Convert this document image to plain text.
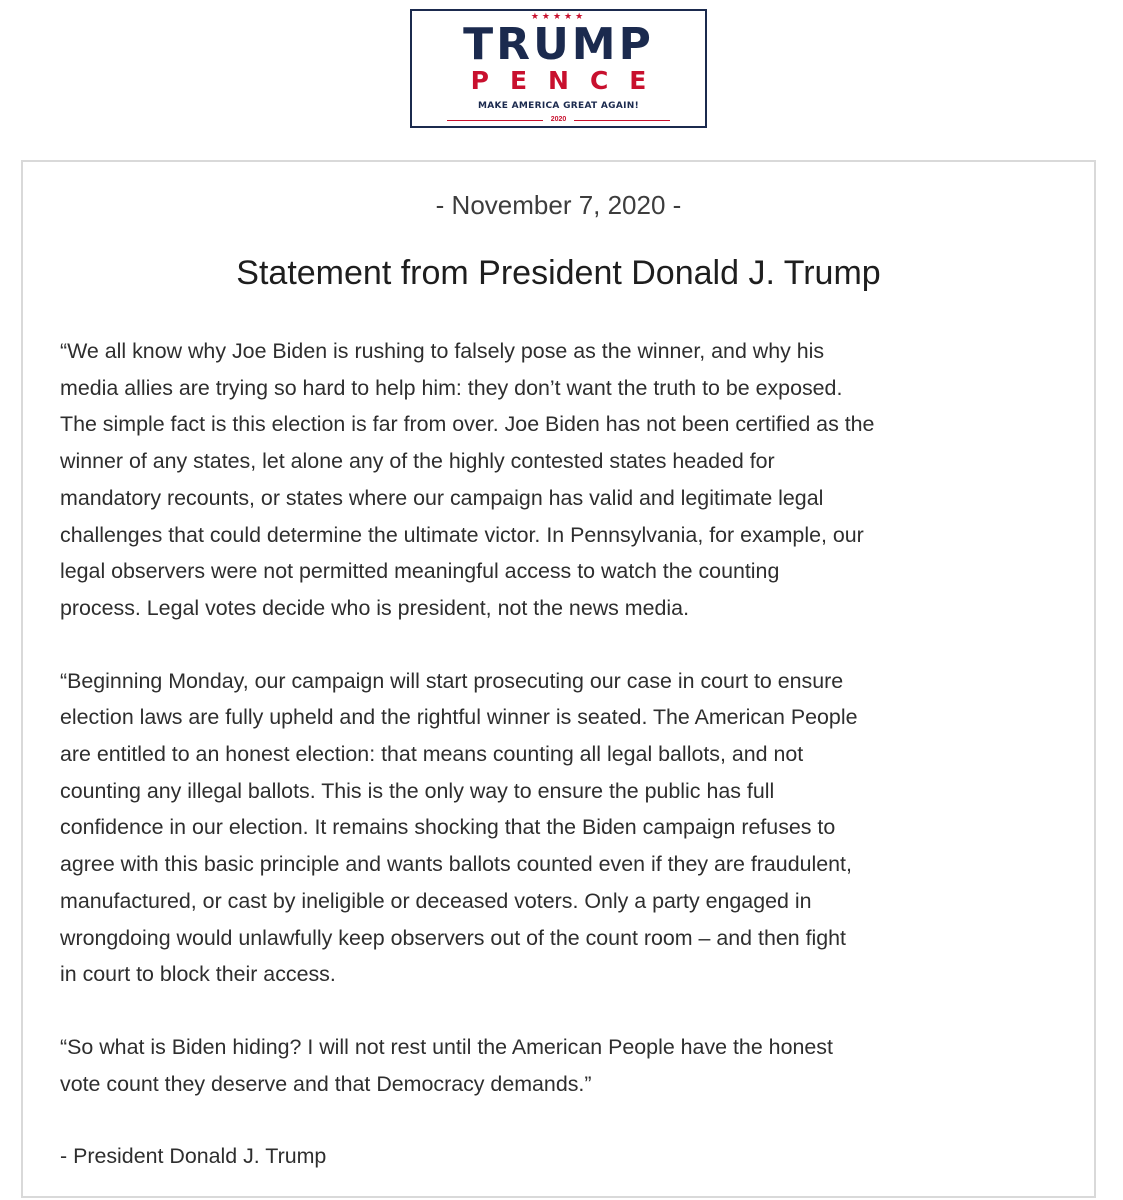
★★★★★
TRUMP
PENCE
MAKE AMERICA GREAT AGAIN!
2020
- November 7, 2020 -
Statement from President Donald J. Trump
“We all know why Joe Biden is rushing to falsely pose as the winner, and why his
media allies are trying so hard to help him: they don’t want the truth to be exposed.
The simple fact is this election is far from over. Joe Biden has not been certified as the
winner of any states, let alone any of the highly contested states headed for
mandatory recounts, or states where our campaign has valid and legitimate legal
challenges that could determine the ultimate victor. In Pennsylvania, for example, our
legal observers were not permitted meaningful access to watch the counting
process. Legal votes decide who is president, not the news media.
“Beginning Monday, our campaign will start prosecuting our case in court to ensure
election laws are fully upheld and the rightful winner is seated. The American People
are entitled to an honest election: that means counting all legal ballots, and not
counting any illegal ballots. This is the only way to ensure the public has full
confidence in our election. It remains shocking that the Biden campaign refuses to
agree with this basic principle and wants ballots counted even if they are fraudulent,
manufactured, or cast by ineligible or deceased voters. Only a party engaged in
wrongdoing would unlawfully keep observers out of the count room – and then fight
in court to block their access.
“So what is Biden hiding? I will not rest until the American People have the honest
vote count they deserve and that Democracy demands.”

- President Donald J. Trump
